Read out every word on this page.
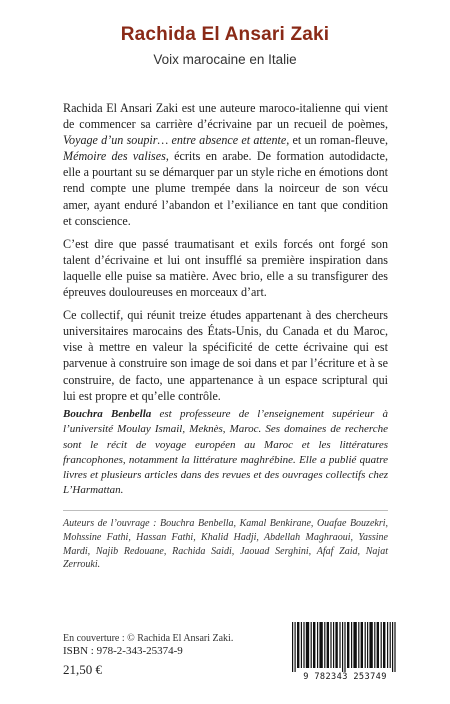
Rachida El Ansari Zaki
Voix marocaine en Italie

Rachida El Ansari Zaki est une auteure maroco-italienne qui vient de commencer sa carrière d’écrivaine par un recueil de poèmes, Voyage d’un soupir… entre absence et attente, et un roman-fleuve, Mémoire des valises, écrits en arabe. De formation autodidacte, elle a pourtant su se démarquer par un style riche en émotions dont rend compte une plume trempée dans la noirceur de son vécu amer, ayant enduré l’abandon et l’exiliance en tant que condition et conscience.

C’est dire que passé traumatisant et exils forcés ont forgé son talent d’écrivaine et lui ont insufflé sa première inspiration dans laquelle elle puise sa matière. Avec brio, elle a su transfigurer des épreuves douloureuses en morceaux d’art.

Ce collectif, qui réunit treize études appartenant à des chercheurs universitaires marocains des États-Unis, du Canada et du Maroc, vise à mettre en valeur la spécificité de cette écrivaine qui est parvenue à construire son image de soi dans et par l’écriture et à se construire, de facto, une appartenance à un espace scriptural qui lui est propre et qu’elle contrôle.

Bouchra Benbella est professeure de l’enseignement supérieur à l’université Moulay Ismail, Meknès, Maroc. Ses domaines de recherche sont le récit de voyage européen au Maroc et les littératures francophones, notamment la littérature maghrébine. Elle a publié quatre livres et plusieurs articles dans des revues et des ouvrages collectifs chez L’Harmattan.
Auteurs de l’ouvrage : Bouchra Benbella, Kamal Benkirane, Ouafae Bouzekri, Mohssine Fathi, Hassan Fathi, Khalid Hadji, Abdellah Maghraoui, Yassine Mardi, Najib Redouane, Rachida Saidi, Jaouad Serghini, Afaf Zaid, Najat Zerrouki.
En couverture : © Rachida El Ansari Zaki.
ISBN : 978-2-343-25374-9
21,50 €	9 782343 253749
